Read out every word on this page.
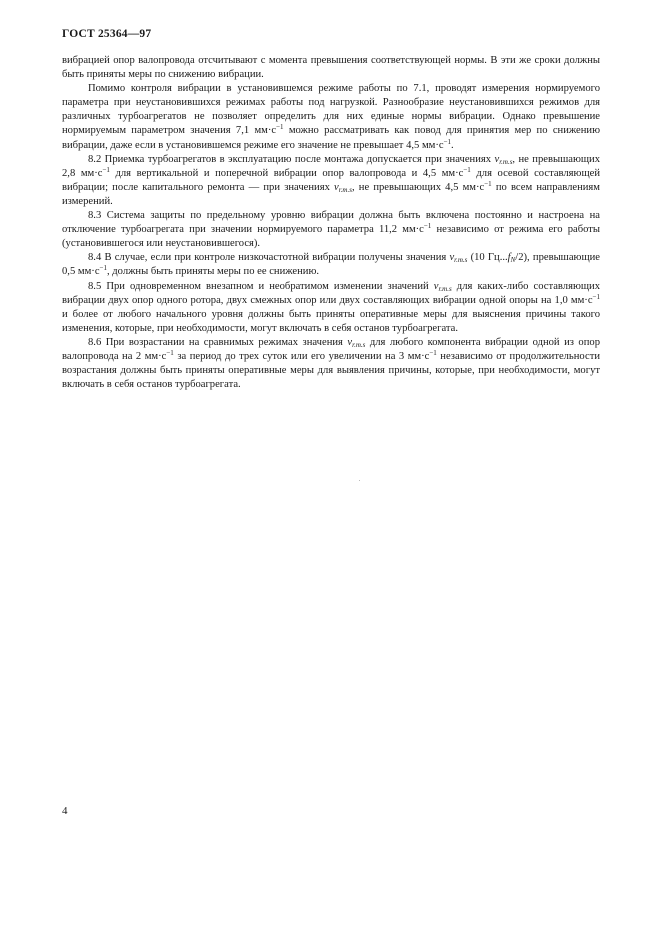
ГОСТ 25364—97

вибрацией опор валопровода отсчитывают с момента превышения соответствующей нормы. В эти же сроки должны быть приняты меры по снижению вибрации.

Помимо контроля вибрации в установившемся режиме работы по 7.1, проводят измерения нормируемого параметра при неустановившихся режимах работы под нагрузкой. Разнообразие неустановившихся режимов для различных турбоагрегатов не позволяет определить для них единые нормы вибрации. Однако превышение нормируемым параметром значения 7,1 $мм\cdot с^{-1}$ можно рассматривать как повод для принятия мер по снижению вибрации, даже если в установившемся режиме его значение не превышает 4,5 $мм\cdot с^{-1}$.

8.2 Приемка турбоагрегатов в эксплуатацию после монтажа допускается при значениях $v_{r.m.s}$, не превышающих 2,8 $мм\cdot с^{-1}$ для вертикальной и поперечной вибрации опор валопровода и 4,5 $мм\cdot с^{-1}$ для осевой составляющей вибрации; после капитального ремонта — при значениях $v_{r.m.s}$, не превышающих 4,5 $мм\cdot с^{-1}$ по всем направлениям измерений.

8.3 Система защиты по предельному уровню вибрации должна быть включена постоянно и настроена на отключение турбоагрегата при значении нормируемого параметра 11,2 $мм\cdot с^{-1}$ независимо от режима его работы (установившегося или неустановившегося).

8.4 В случае, если при контроле низкочастотной вибрации получены значения $v_{r.m.s}$ (10 $Гц...f_N/2$), превышающие 0,5 $мм\cdot с^{-1}$, должны быть приняты меры по ее снижению.

8.5 При одновременном внезапном и необратимом изменении значений $v_{r.m.s}$ для каких-либо составляющих вибрации двух опор одного ротора, двух смежных опор или двух составляющих вибрации одной опоры на 1,0 $мм\cdot с^{-1}$ и более от любого начального уровня должны быть приняты оперативные меры для выяснения причины такого изменения, которые, при необходимости, могут включать в себя останов турбоагрегата.

8.6 При возрастании на сравнимых режимах значения $v_{r.m.s}$ для любого компонента вибрации одной из опор валопровода на 2 $мм\cdot с^{-1}$ за период до трех суток или его увеличении на 3 $мм\cdot с^{-1}$ независимо от продолжительности возрастания должны быть приняты оперативные меры для выявления причины, которые, при необходимости, могут включать в себя останов турбоагрегата.

4
